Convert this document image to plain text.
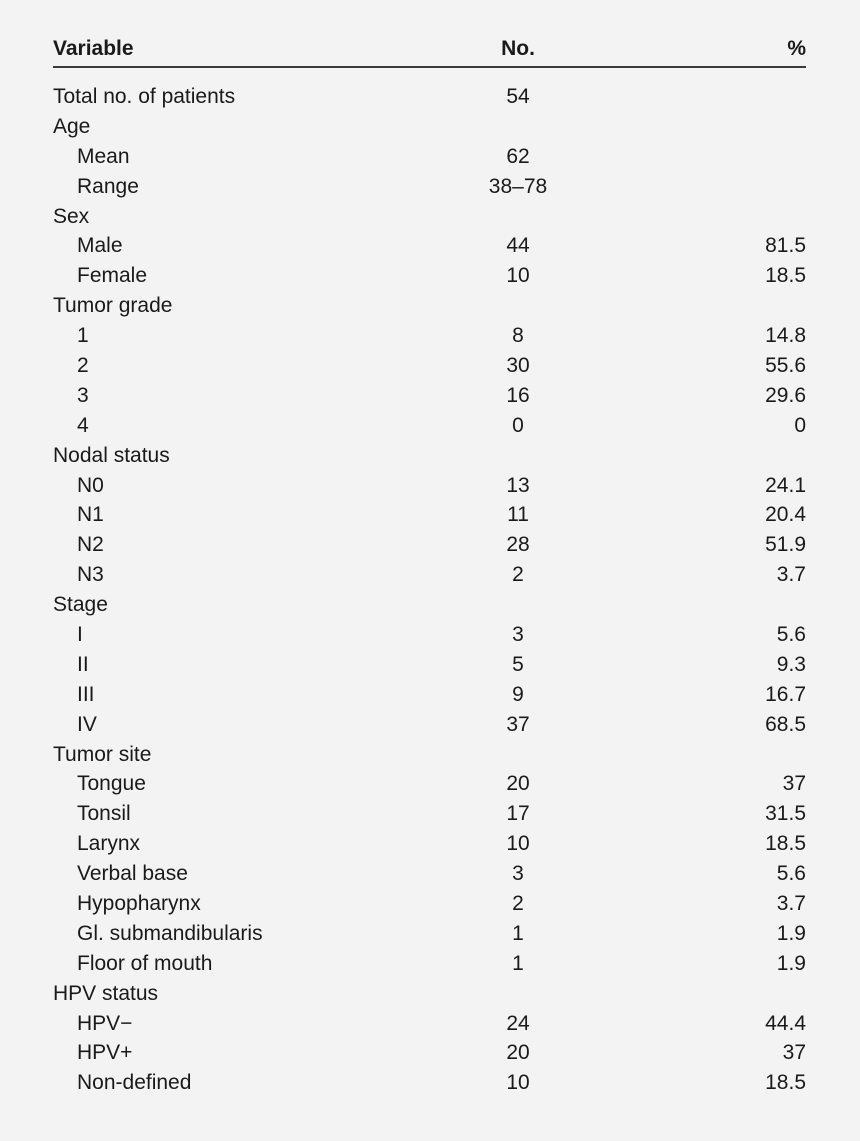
Variable	No.	%
Total no. of patients	54
Age
Mean	62
Range	38–78
Sex
Male	44	81.5
Female	10	18.5
Tumor grade
1	8	14.8
2	30	55.6
3	16	29.6
4	0	0
Nodal status
N0	13	24.1
N1	11	20.4
N2	28	51.9
N3	2	3.7
Stage
I	3	5.6
II	5	9.3
III	9	16.7
IV	37	68.5
Tumor site
Tongue	20	37
Tonsil	17	31.5
Larynx	10	18.5
Verbal base	3	5.6
Hypopharynx	2	3.7
Gl. submandibularis	1	1.9
Floor of mouth	1	1.9
HPV status
HPV−	24	44.4
HPV+	20	37
Non-defined	10	18.5
